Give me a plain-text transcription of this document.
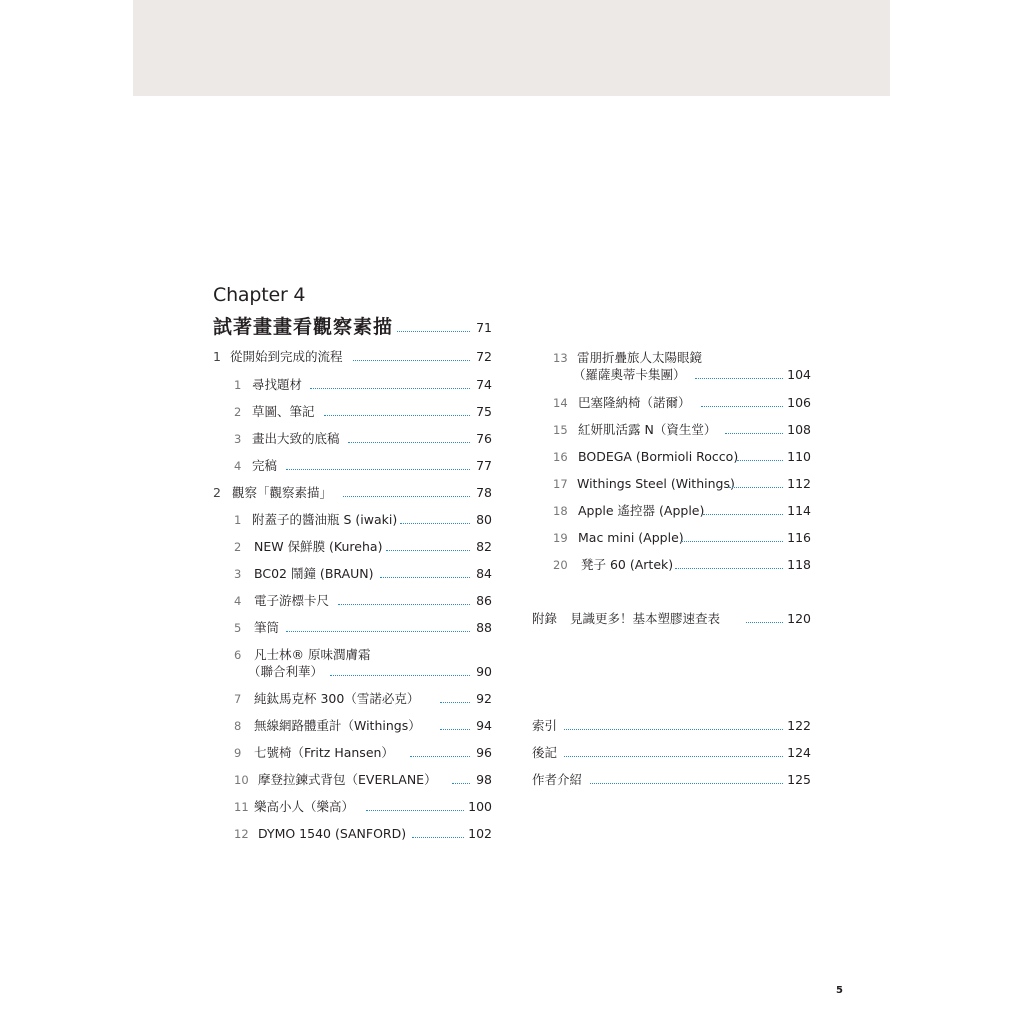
Chapter 4
試著畫畫看觀察素描	71
1 從開始到完成的流程	72
1 尋找題材	74
2 草圖、筆記	75
3 畫出大致的底稿	76
4 完稿	77
2 觀察「觀察素描」	78
1 附蓋子的醬油瓶 S (iwaki)	80
2 NEW 保鮮膜 (Kureha)	82
3 BC02 鬧鐘 (BRAUN)	84
4 電子游標卡尺	86
5 筆筒	88
6 凡士林® 原味潤膚霜
（聯合利華）	90
7 純鈦馬克杯 300（雪諾必克）	92
8 無線網路體重計（Withings）	94
9 七號椅（Fritz Hansen）	96
10 摩登拉鍊式背包（EVERLANE）	98
11 樂高小人（樂高）	100
12 DYMO 1540 (SANFORD)	102
13 雷朋折疊旅人太陽眼鏡
（羅薩奧蒂卡集團）	104
14 巴塞隆納椅（諾爾）	106
15 紅妍肌活露 N（資生堂）	108
16 BODEGA (Bormioli Rocco)	110
17 Withings Steel (Withings)	112
18 Apple 遙控器 (Apple)	114
19 Mac mini (Apple)	116
20 凳子 60 (Artek)	118
附錄 見識更多！基本塑膠速查表	120
索引	122
後記	124
作者介紹	125
5
